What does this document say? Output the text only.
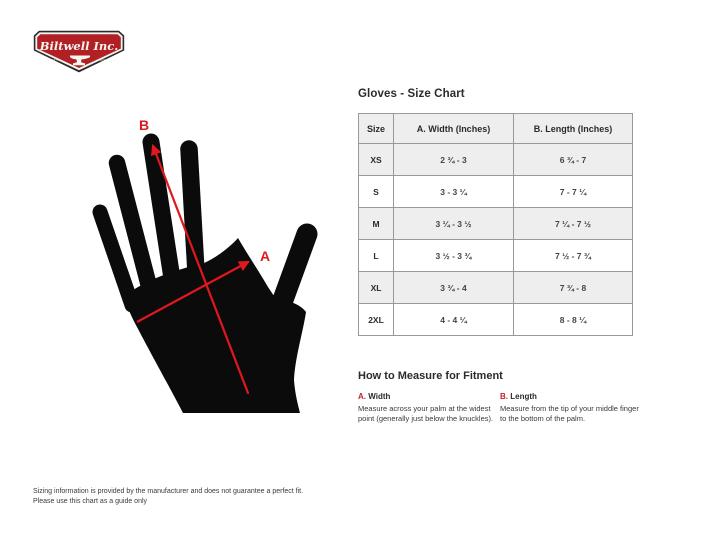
Biltwell Inc.
'QUALITY'	COUNTS'
B
A
Gloves - Size Chart
Size	A. Width (Inches)	B. Length (Inches)
XS	2 ¾ - 3	6 ¾ - 7
S	3 - 3 ¼	7 - 7 ¼
M	3 ¼ - 3 ½	7 ¼ - 7 ½
L	3 ½ - 3 ¾	7 ½ - 7 ¾
XL	3 ¾ - 4	7 ¾ - 8
2XL	4 - 4 ¼	8 - 8 ¼
How to Measure for Fitment
A. Width
Measure across your palm at the widest point (generally just below the knuckles).
B. Length
Measure from the tip of your middle finger to the bottom of the palm.
Sizing information is provided by the manufacturer and does not guarantee a perfect fit.
Please use this chart as a guide only
